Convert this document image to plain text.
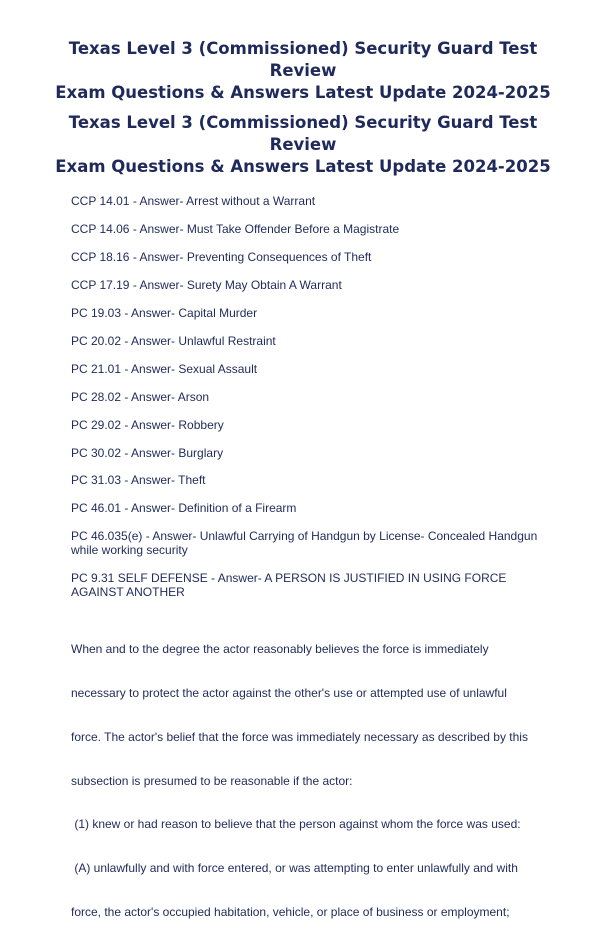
Texas Level 3 (Commissioned) Security Guard Test Review
Exam Questions & Answers Latest Update 2024-2025
Texas Level 3 (Commissioned) Security Guard Test Review
Exam Questions & Answers Latest Update 2024-2025

CCP 14.01 - Answer- Arrest without a Warrant

CCP 14.06 - Answer- Must Take Offender Before a Magistrate

CCP 18.16 - Answer- Preventing Consequences of Theft

CCP 17.19 - Answer- Surety May Obtain A Warrant

PC 19.03 - Answer- Capital Murder

PC 20.02 - Answer- Unlawful Restraint

PC 21.01 - Answer- Sexual Assault

PC 28.02 - Answer- Arson

PC 29.02 - Answer- Robbery

PC 30.02 - Answer- Burglary

PC 31.03 - Answer- Theft

PC 46.01 - Answer- Definition of a Firearm

PC 46.035(e) - Answer- Unlawful Carrying of Handgun by License- Concealed Handgun
while working security

PC 9.31 SELF DEFENSE - Answer- A PERSON IS JUSTIFIED IN USING FORCE
AGAINST ANOTHER

When and to the degree the actor reasonably believes the force is immediately

necessary to protect the actor against the other's use or attempted use of unlawful

force. The actor's belief that the force was immediately necessary as described by this

subsection is presumed to be reasonable if the actor:

(1) knew or had reason to believe that the person against whom the force was used:

(A) unlawfully and with force entered, or was attempting to enter unlawfully and with

force, the actor's occupied habitation, vehicle, or place of business or employment;
